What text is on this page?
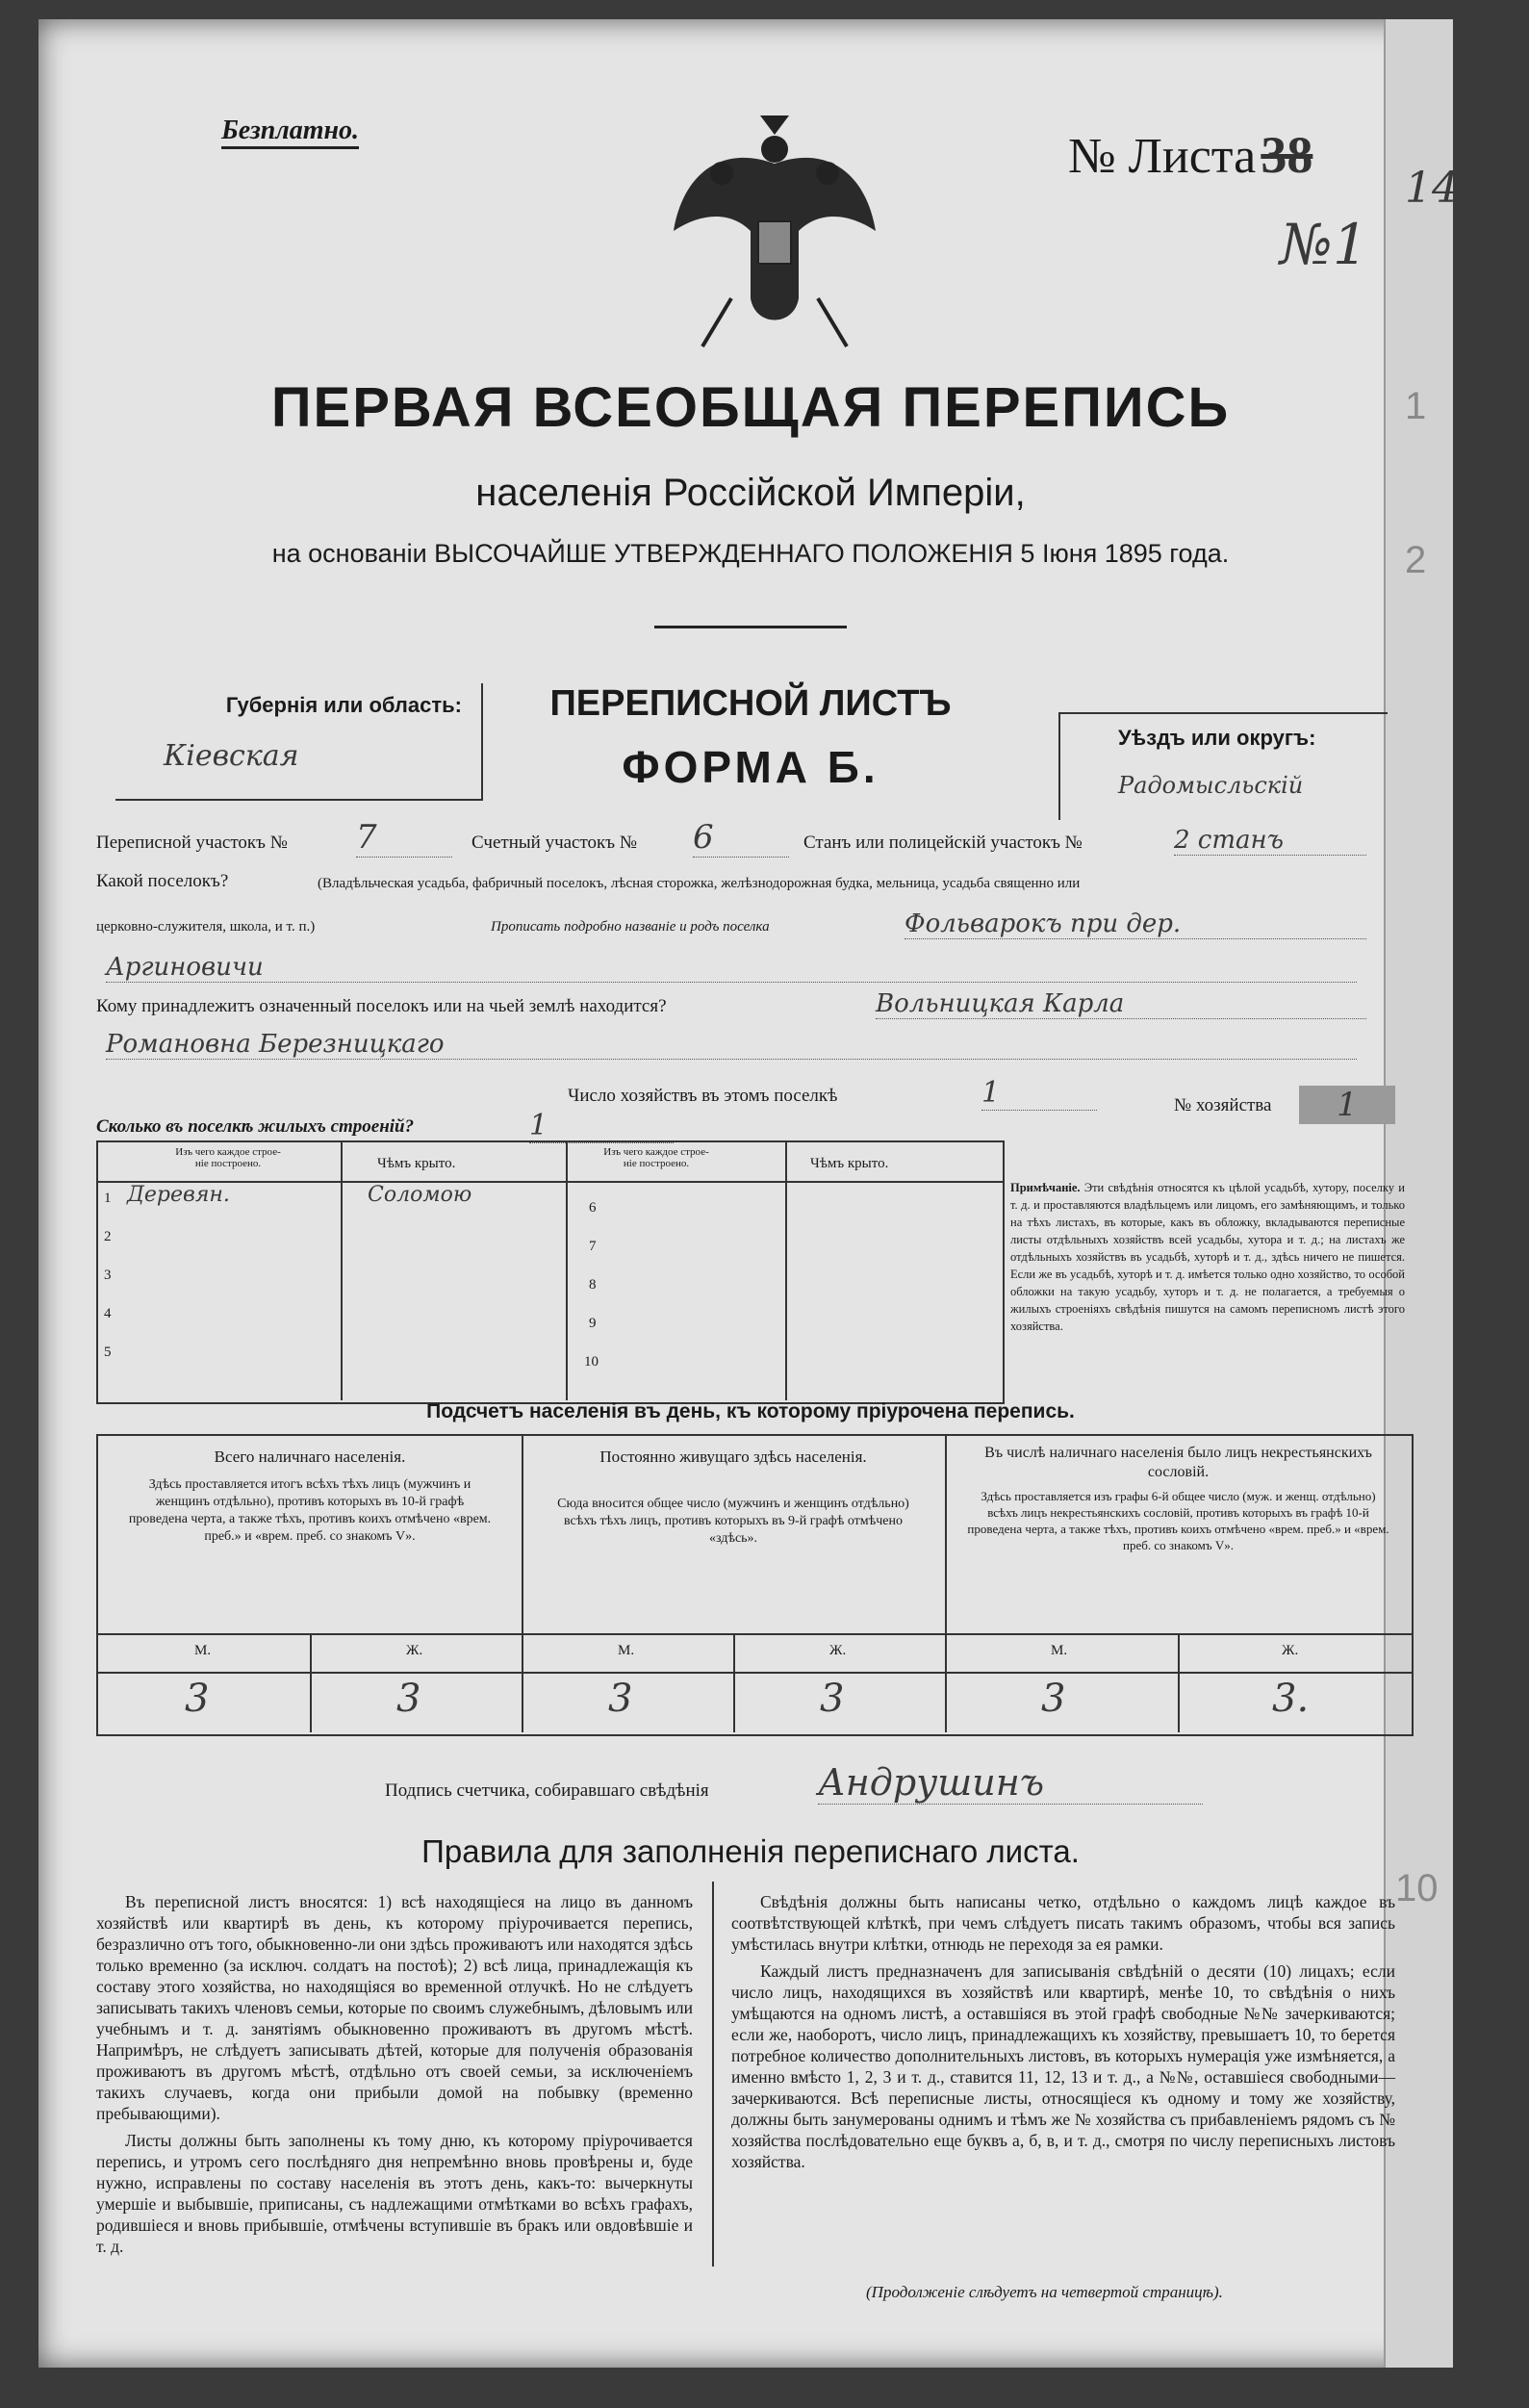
1
2
10
Безплатно.	№ Листа 38
№1
144
ПЕРВАЯ ВСЕОБЩАЯ ПЕРЕПИСЬ
населенія Россійской Имперіи,
на основаніи ВЫСОЧАЙШЕ УТВЕРЖДЕННАГО ПОЛОЖЕНІЯ 5 Іюня 1895 года.
Губернія или область:
Кіевская
ПЕРЕПИСНОЙ ЛИСТЪ
ФОРМА Б.
Уѣздъ или округъ:
Радомысльскій
Переписной участокъ № 7	Счетный участокъ № 6	Станъ или полицейскій участокъ №	2 станъ
Какой поселокъ?	(Владѣльческая усадьба, фабричный поселокъ, лѣсная сторожка, желѣзнодорожная будка, мельница, усадьба священно или
церковно-служителя, школа, и т. п.)	Прописать подробно названіе и родъ поселка	Фольварокъ при дер.
Аргиновичи
Кому принадлежитъ означенный поселокъ или на чьей землѣ находится?	Вольницкая Карла
Романовна Березницкаго
Число хозяйствъ въ этомъ поселкѣ	1
Сколько въ поселкѣ жилыхъ строеній?	1
№ хозяйства	1
Изъ чего каждое строе-
ніе построено.	Чѣмъ крыто.
Изъ чего каждое строе-
ніе построено.	Чѣмъ крыто.
1 Деревян.	Соломою
2
3
4
5
6
7
8
9
10
Примѣчаніе. Эти свѣдѣнія относятся къ цѣлой усадьбѣ, хутору, поселку и т. д. и проставляются владѣльцемъ или лицомъ, его замѣняющимъ, и только на тѣхъ листахъ, въ которые, какъ въ обложку, вкладываются переписные листы отдѣльныхъ хозяйствъ всей усадьбы, хутора и т. д.; на листахъ же отдѣльныхъ хозяйствъ въ усадьбѣ, хуторѣ и т. д., здѣсь ничего не пишется. Если же въ усадьбѣ, хуторѣ и т. д. имѣется только одно хозяйство, то особой обложки на такую усадьбу, хуторъ и т. д. не полагается, а требуемыя о жилыхъ строеніяхъ свѣдѣнія пишутся на самомъ переписномъ листѣ этого хозяйства.
Подсчетъ населенія въ день, къ которому пріурочена перепись.
Всего наличнаго населенія.
Здѣсь проставляется итогъ всѣхъ тѣхъ лицъ (мужчинъ и женщинъ отдѣльно), противъ которыхъ въ 10-й графѣ проведена черта, а также тѣхъ, противъ коихъ отмѣчено «врем. преб.» и «врем. преб. со знакомъ V».
Постоянно живущаго здѣсь населенія.
Сюда вносится общее число (мужчинъ и женщинъ отдѣльно) всѣхъ тѣхъ лицъ, противъ которыхъ въ 9-й графѣ отмѣчено «здѣсь».
Въ числѣ наличнаго населенія было лицъ некрестьянскихъ сословій.
Здѣсь проставляется изъ графы 6-й общее число (муж. и женщ. отдѣльно) всѣхъ лицъ некрестьянскихъ сословій, противъ которыхъ въ графѣ 10-й проведена черта, а также тѣхъ, противъ коихъ отмѣчено «врем. преб.» и «врем. преб. со знакомъ V».
М.	Ж.	М.	Ж.	М.	Ж.
3	3	3	3	3	3.
Подпись счетчика, собиравшаго свѣдѣнія	Андрушинъ
Правила для заполненія переписнаго листа.

Въ переписной листъ вносятся: 1) всѣ находящіеся на лицо въ данномъ хозяйствѣ или квартирѣ въ день, къ которому пріурочивается перепись, безразлично отъ того, обыкновенно-ли они здѣсь проживаютъ или находятся здѣсь только временно (за исключ. солдатъ на постоѣ); 2) всѣ лица, принадлежащія къ составу этого хозяйства, но находящіяся во временной отлучкѣ. Но не слѣдуетъ записывать такихъ членовъ семьи, которые по своимъ служебнымъ, дѣловымъ или учебнымъ и т. д. занятіямъ обыкновенно проживаютъ въ другомъ мѣстѣ. Напримѣръ, не слѣдуетъ записывать дѣтей, которые для полученія образованія проживаютъ въ другомъ мѣстѣ, отдѣльно отъ своей семьи, за исключеніемъ такихъ случаевъ, когда они прибыли домой на побывку (временно пребывающими).

Листы должны быть заполнены къ тому дню, къ которому пріурочивается перепись, и утромъ сего послѣдняго дня непремѣнно вновь провѣрены и, буде нужно, исправлены по составу населенія въ этотъ день, какъ-то: вычеркнуты умершіе и выбывшіе, приписаны, съ надлежащими отмѣтками во всѣхъ графахъ, родившіеся и вновь прибывшіе, отмѣчены вступившіе въ бракъ или овдовѣвшіе и т. д.

Свѣдѣнія должны быть написаны четко, отдѣльно о каждомъ лицѣ каждое въ соотвѣтствующей клѣткѣ, при чемъ слѣдуетъ писать такимъ образомъ, чтобы вся запись умѣстилась внутри клѣтки, отнюдь не переходя за ея рамки.

Каждый листъ предназначенъ для записыванія свѣдѣній о десяти (10) лицахъ; если число лицъ, находящихся въ хозяйствѣ или квартирѣ, менѣе 10, то свѣдѣнія о нихъ умѣщаются на одномъ листѣ, а оставшіяся въ этой графѣ свободные №№ зачеркиваются; если же, наоборотъ, число лицъ, принадлежащихъ къ хозяйству, превышаетъ 10, то берется потребное количество дополнительныхъ листовъ, въ которыхъ нумерація уже измѣняется, а именно вмѣсто 1, 2, 3 и т. д., ставится 11, 12, 13 и т. д., а №№, оставшіеся свободными—зачеркиваются. Всѣ переписные листы, относящіеся къ одному и тому же хозяйству, должны быть занумерованы однимъ и тѣмъ же № хозяйства съ прибавленіемъ рядомъ съ № хозяйства послѣдовательно еще буквъ а, б, в, и т. д., смотря по числу переписныхъ листовъ хозяйства.

(Продолженіе слѣдуетъ на четвертой страницѣ).
